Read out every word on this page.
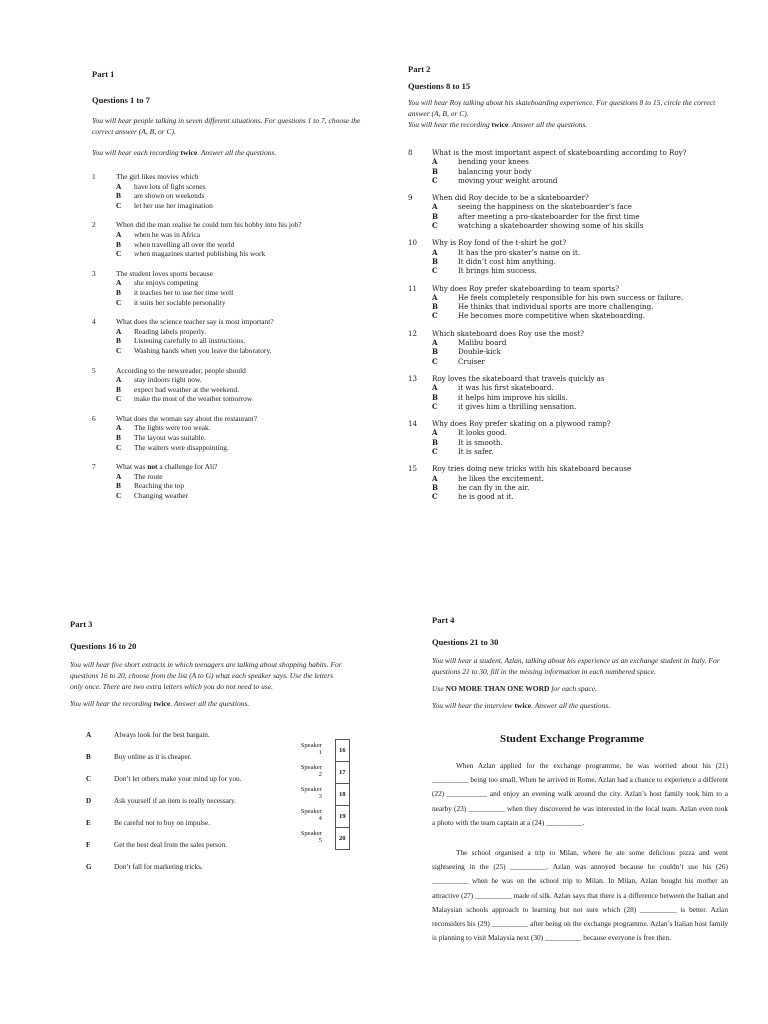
Part 1
Questions 1 to 7
You will hear people talking in seven different situations. For questions 1 to 7, choose the correct answer (A, B, or C).
You will hear each recording twice. Answer all the questions.
1	The girl likes movies which
A have lots of fight scenes
B are shown on weekends
C let her use her imagination
2	When did the man realise he could turn his hobby into his job?
A when he was in Africa
B when travelling all over the world
C when magazines started publishing his work
3	The student loves sports because
A she enjoys competing
B it teaches her to use her time well
C it suits her sociable personality
4	What does the science teacher say is most important?
A Reading labels properly.
B Listening carefully to all instructions.
C Washing hands when you leave the laboratory.
5	According to the newsreader, people should
A stay indoors right now.
B expect bad weather at the weekend.
C make the most of the weather tomorrow
6	What does the woman say about the restaurant?
A The lights were too weak.
B The layout was suitable.
C The waiters were disappointing.
7	What was not a challenge for Ali?
A The route
B Reaching the top
C Changing weather
Part 2
Questions 8 to 15
You will hear Roy talking about his skateboarding experience. For questions 8 to 15, circle the correct answer (A, B, or C).
You will hear the recording twice. Answer all the questions.
8	What is the most important aspect of skateboarding according to Roy?
A	bending your knees
B	balancing your body
C	moving your weight around
9	When did Roy decide to be a skateboarder?
A	seeing the happiness on the skateboarder’s face
B	after meeting a pro-skateboarder for the first time
C	watching a skateboarder showing some of his skills
10 Why is Roy fond of the t-shirt he got?
A	It has the pro skater’s name on it.
B	It didn’t cost him anything.
C	It brings him success.
11 Why does Roy prefer skateboarding to team sports?
A	He feels completely responsible for his own success or failure.
B	He thinks that individual sports are more challenging.
C	He becomes more competitive when skateboarding.
12 Which skateboard does Roy use the most?
A	Malibu board
B	Double-kick
C	Cruiser
13 Roy loves the skateboard that travels quickly as
A	it was his first skateboard.
B	it helps him improve his skills.
C	it gives him a thrilling sensation.
14 Why does Roy prefer skating on a plywood ramp?
A	It looks good.
B	It is smooth.
C	It is safer.
15 Roy tries doing new tricks with his skateboard because
A	he likes the excitement.
B	he can fly in the air.
C	he is good at it.
Part 3
Questions 16 to 20
You will hear five short extracts in which teenagers are talking about shopping habits. For questions 16 to 20, choose from the list (A to G) what each speaker says. Use the letters only once. There are two extra letters which you do not need to use.
You will hear the recording twice. Answer all the questions.
A	Always look for the best bargain.
B	Buy online as it is cheaper.
C	Don’t let others make your mind up for you.
D	Ask yourself if an item is really necessary.
E	Be careful not to buy on impulse.
F	Get the best deal from the sales person.
G	Don’t fall for marketing tricks.
Speaker 1		16
Speaker 2		17
Speaker 3		18
Speaker 4		19
Speaker 5		20
Part 4
Questions 21 to 30
You will hear a student, Azlan, talking about his experience as an exchange student in Italy. For questions 21 to 30, fill in the missing information in each numbered space.
Use NO MORE THAN ONE WORD for each space.
You will hear the interview twice. Answer all the questions.
Student Exchange Programme

When Azlan applied for the exchange programme, he was worried about his (21) __________ being too small. When he arrived in Rome, Azlan had a chance to experience a different (22) ___________ and enjoy an evening walk around the city. Azlan’s host family took him to a nearby (23) __________ when they discovered he was interested in the local team. Azlan even took a photo with the team captain at a (24) __________.

The school organised a trip to Milan, where he ate some delicious pizza and went sightseeing in the (25) __________. Azlan was annoyed because he couldn’t use his (26) __________ when he was on the school trip to Milan. In Milan, Azlan bought his mother an attractive (27) __________ made of silk. Azlan says that there is a difference between the Italian and Malaysian schools approach to learning but not sure which (28) __________ is better. Azlan reconsiders his (29) __________ after being on the exchange programme. Azlan’s Italian host family is planning to visit Malaysia next (30) __________ because everyone is free then.
